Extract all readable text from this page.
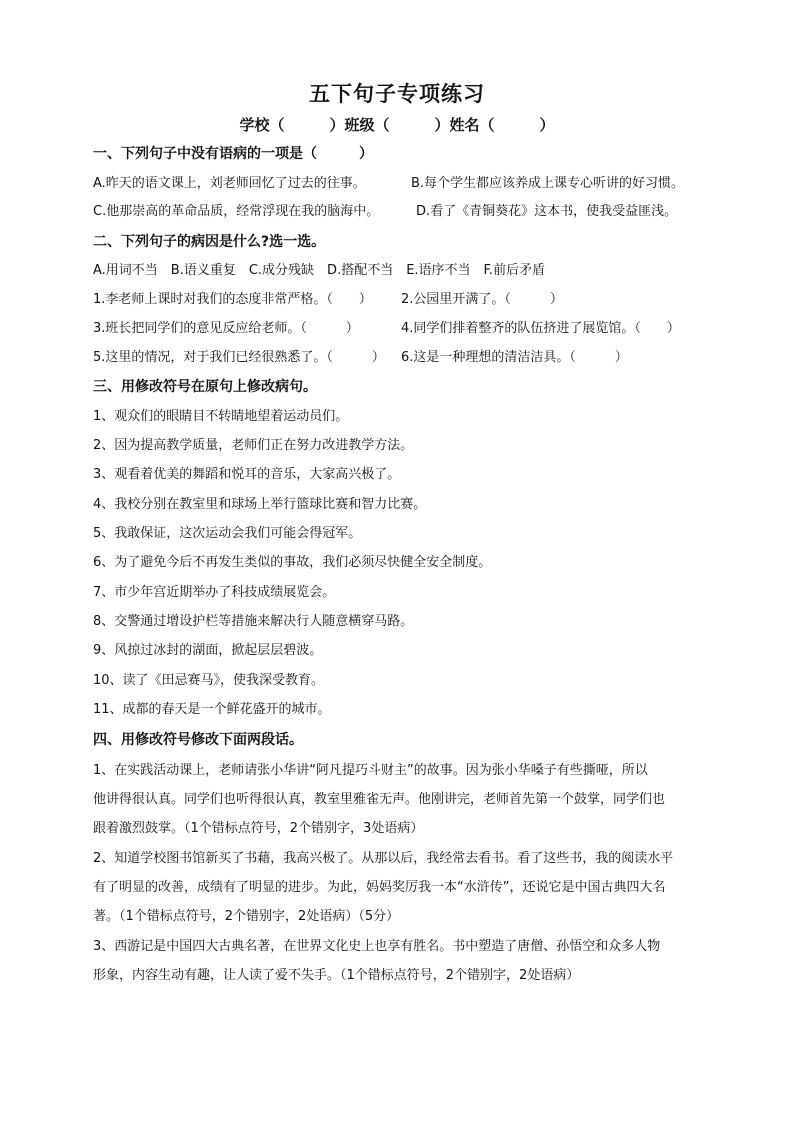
五下句子专项练习
学校（　　　）班级（　　　）姓名（　　　）
一、下列句子中没有语病的一项是（　　　）
A.昨天的语文课上，刘老师回忆了过去的往事。	B.每个学生都应该养成上课专心听讲的好习惯。
C.他那崇高的革命品质，经常浮现在我的脑海中。	D.看了《青铜葵花》这本书，使我受益匪浅。
二、下列句子的病因是什么?选一选。
A.用词不当　B.语义重复　C.成分残缺　D.搭配不当　E.语序不当　F.前后矛盾
1.李老师上课时对我们的态度非常严格。（　　） 2.公园里开满了。（　　　）
3.班长把同学们的意见反应给老师。（　　　）	4.同学们排着整齐的队伍挤进了展览馆。（　　）
5.这里的情况，对于我们已经很熟悉了。（　　　） 6.这是一种理想的清洁洁具。（　　　）
三、用修改符号在原句上修改病句。
1、观众们的眼睛目不转睛地望着运动员们。
2、因为提高教学质量，老师们正在努力改进教学方法。
3、观看着优美的舞蹈和悦耳的音乐，大家高兴极了。
4、我校分别在教室里和球场上举行篮球比赛和智力比赛。
5、我敢保证，这次运动会我们可能会得冠军。
6、为了避免今后不再发生类似的事故，我们必须尽快健全安全制度。
7、市少年宫近期举办了科技成绩展览会。
8、交警通过增设护栏等措施来解决行人随意横穿马路。
9、风掠过冰封的湖面，掀起层层碧波。
10、读了《田忌赛马》，使我深受教育。
11、成都的春天是一个鲜花盛开的城市。
四、用修改符号修改下面两段话。
1、在实践活动课上，老师请张小华讲“阿凡提巧斗财主”的故事。因为张小华嗓子有些撕哑，所以
他讲得很认真。同学们也听得很认真，教室里雅雀无声。他刚讲完，老师首先第一个鼓掌，同学们也
跟着激烈鼓掌。（1个错标点符号，2个错别字，3处语病）
2、知道学校图书馆新买了书藉，我高兴极了。从那以后，我经常去看书。看了这些书，我的阅读水平
有了明显的改善，成绩有了明显的进步。为此，妈妈奖厉我一本“水浒传”，还说它是中国古典四大名
著。（1个错标点符号，2个错别字，2处语病）（5分）
3、西游记是中国四大古典名著，在世界文化史上也享有胜名。书中塑造了唐僧、孙悟空和众多人物
形象，内容生动有趣，让人读了爱不失手。（1个错标点符号，2个错别字，2处语病）
